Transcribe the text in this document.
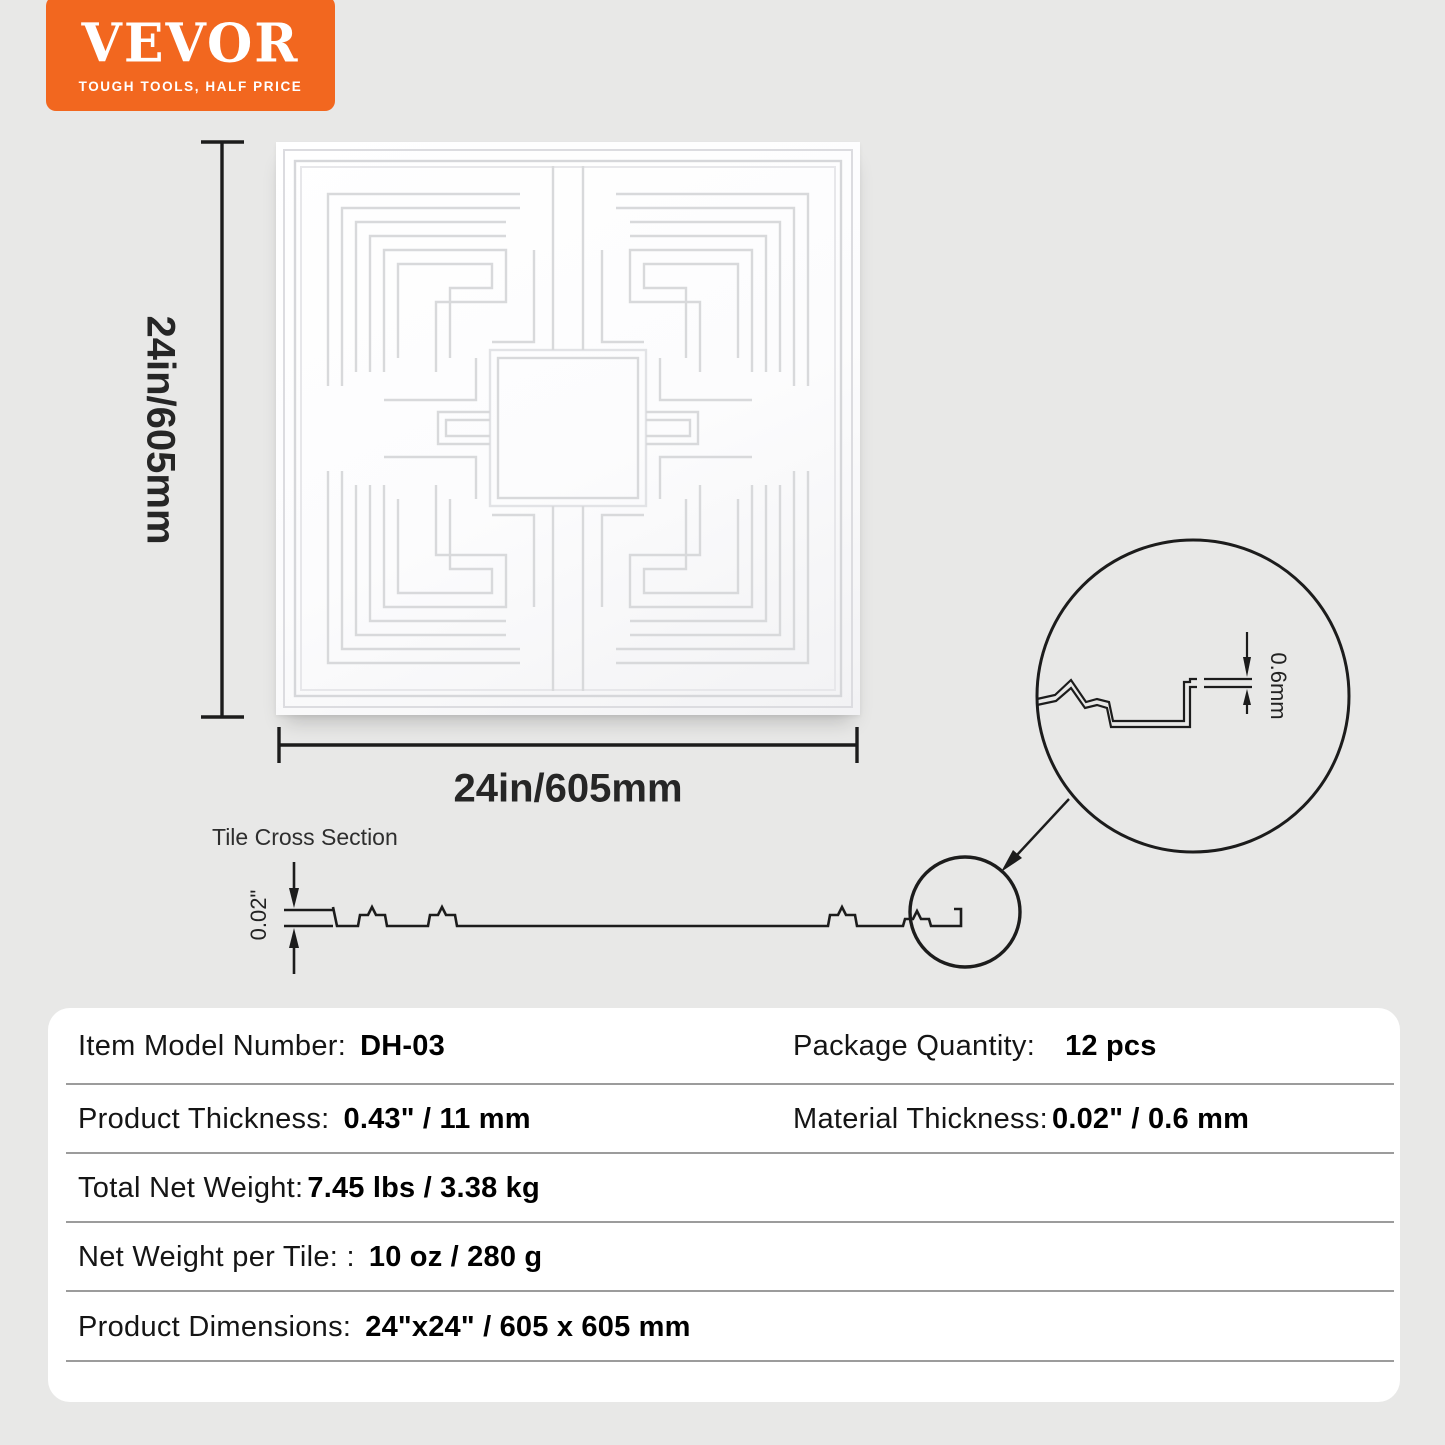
VEVOR
TOUGH TOOLS, HALF PRICE
24in/605mm
24in/605mm
Tile Cross Section
0.02"
0.6mm
Item Model Number: DH-03	Package Quantity: 12 pcs
Product Thickness: 0.43" / 11 mm	Material Thickness: 0.02" / 0.6 mm
Total Net Weight: 7.45 lbs / 3.38 kg
Net Weight per Tile: : 10 oz / 280 g
Product Dimensions: 24"x24" / 605 x 605 mm
